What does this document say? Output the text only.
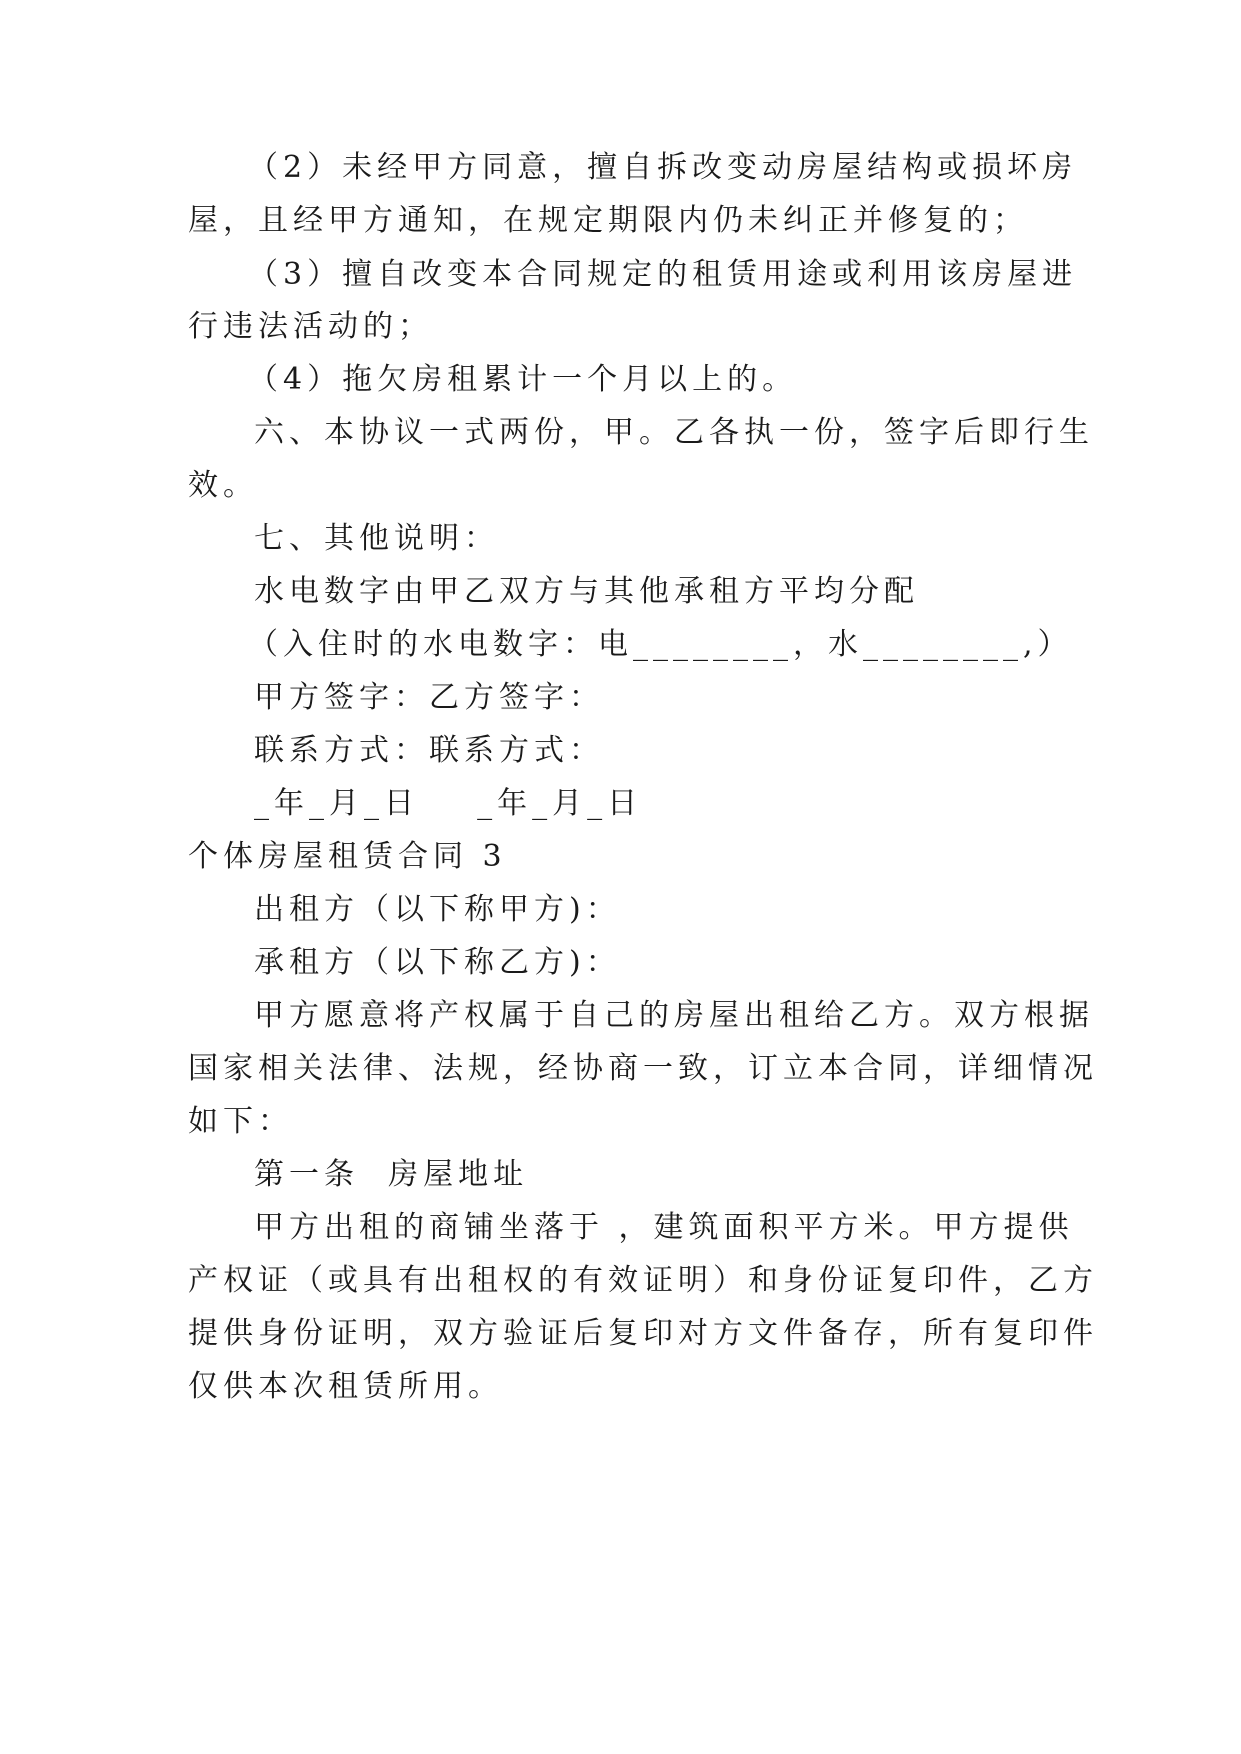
（2）未经甲方同意，擅自拆改变动房屋结构或损坏房
屋，且经甲方通知，在规定期限内仍未纠正并修复的；
（3）擅自改变本合同规定的租赁用途或利用该房屋进
行违法活动的；
（4）拖欠房租累计一个月以上的。
六、本协议一式两份，甲。乙各执一份，签字后即行生
效。
七、其他说明：
水电数字由甲乙双方与其他承租方平均分配
（入住时的水电数字：电________，水________,）
甲方签字：乙方签字：
联系方式：联系方式：
_年_月_日    _年_月_日
个体房屋租赁合同 3
出租方（以下称甲方)：
承租方（以下称乙方)：
甲方愿意将产权属于自己的房屋出租给乙方。双方根据
国家相关法律、法规，经协商一致，订立本合同，详细情况
如下：
第一条  房屋地址
甲方出租的商铺坐落于 ，建筑面积平方米。甲方提供
产权证（或具有出租权的有效证明）和身份证复印件，乙方
提供身份证明，双方验证后复印对方文件备存，所有复印件
仅供本次租赁所用。
